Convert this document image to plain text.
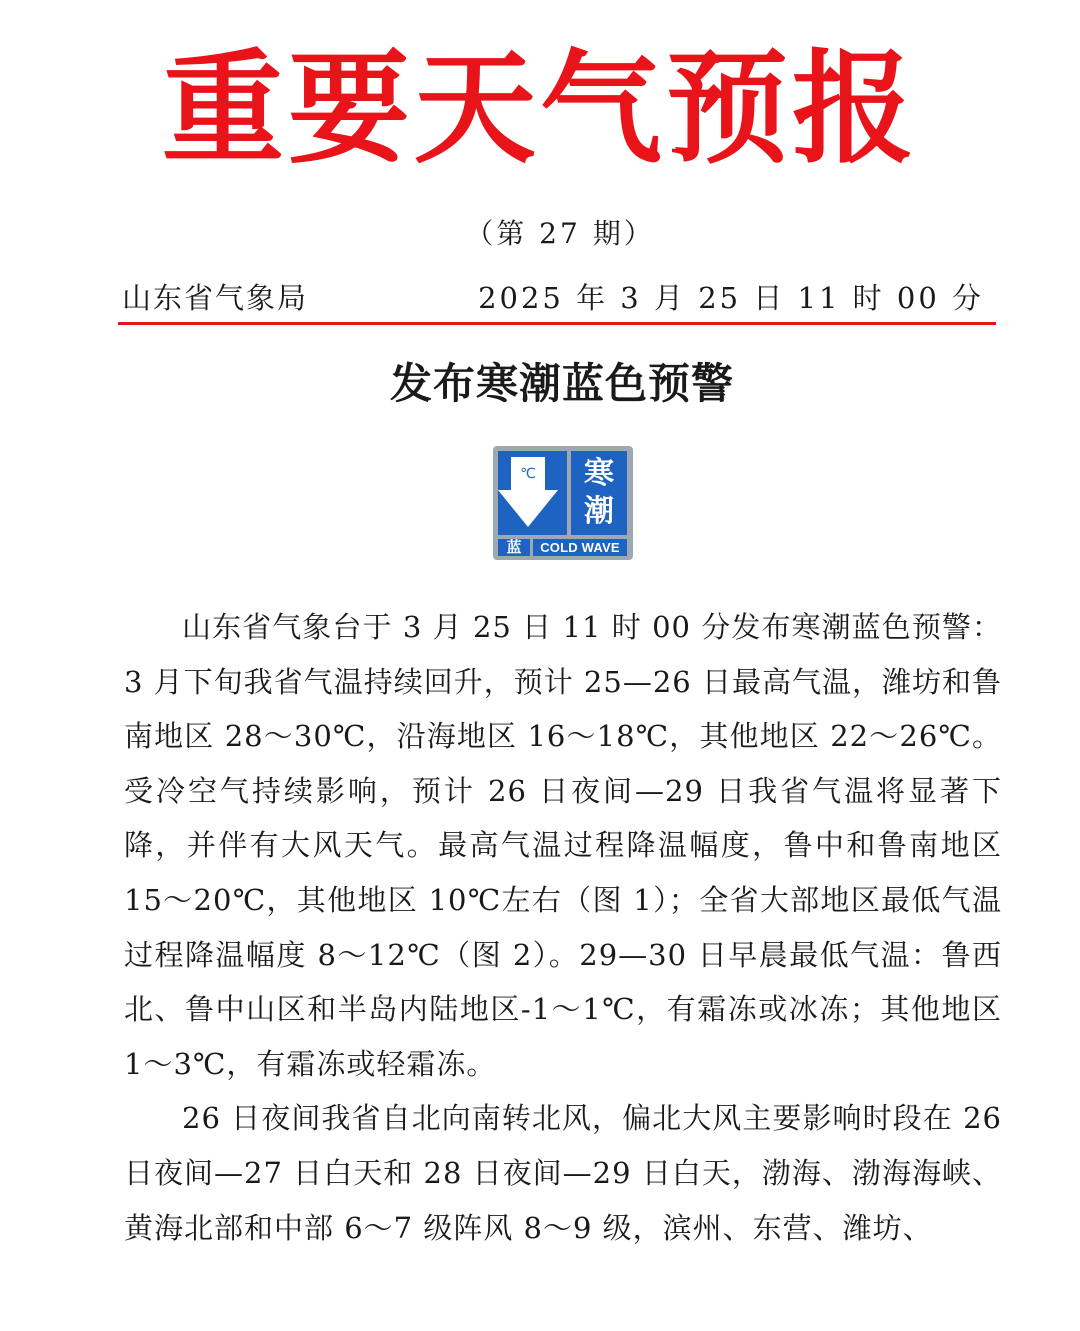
重要天气预报
（第 27 期）
山东省气象局	2025 年 3 月 25 日 11 时 00 分
发布寒潮蓝色预警
℃	寒潮
蓝	COLD WAVE

山东省气象台于 3 月 25 日 11 时 00 分发布寒潮蓝色预警：3 月下旬我省气温持续回升，预计 25—26 日最高气温，潍坊和鲁南地区 28～30℃，沿海地区 16～18℃，其他地区 22～26℃。受冷空气持续影响，预计 26 日夜间—29 日我省气温将显著下降，并伴有大风天气。最高气温过程降温幅度，鲁中和鲁南地区 15～20℃，其他地区 10℃左右（图 1）；全省大部地区最低气温过程降温幅度 8～12℃（图 2）。29—30 日早晨最低气温：鲁西北、鲁中山区和半岛内陆地区-1～1℃，有霜冻或冰冻；其他地区 1～3℃，有霜冻或轻霜冻。

26 日夜间我省自北向南转北风，偏北大风主要影响时段在 26 日夜间—27 日白天和 28 日夜间—29 日白天，渤海、渤海海峡、黄海北部和中部 6～7 级阵风 8～9 级，滨州、东营、潍坊、
